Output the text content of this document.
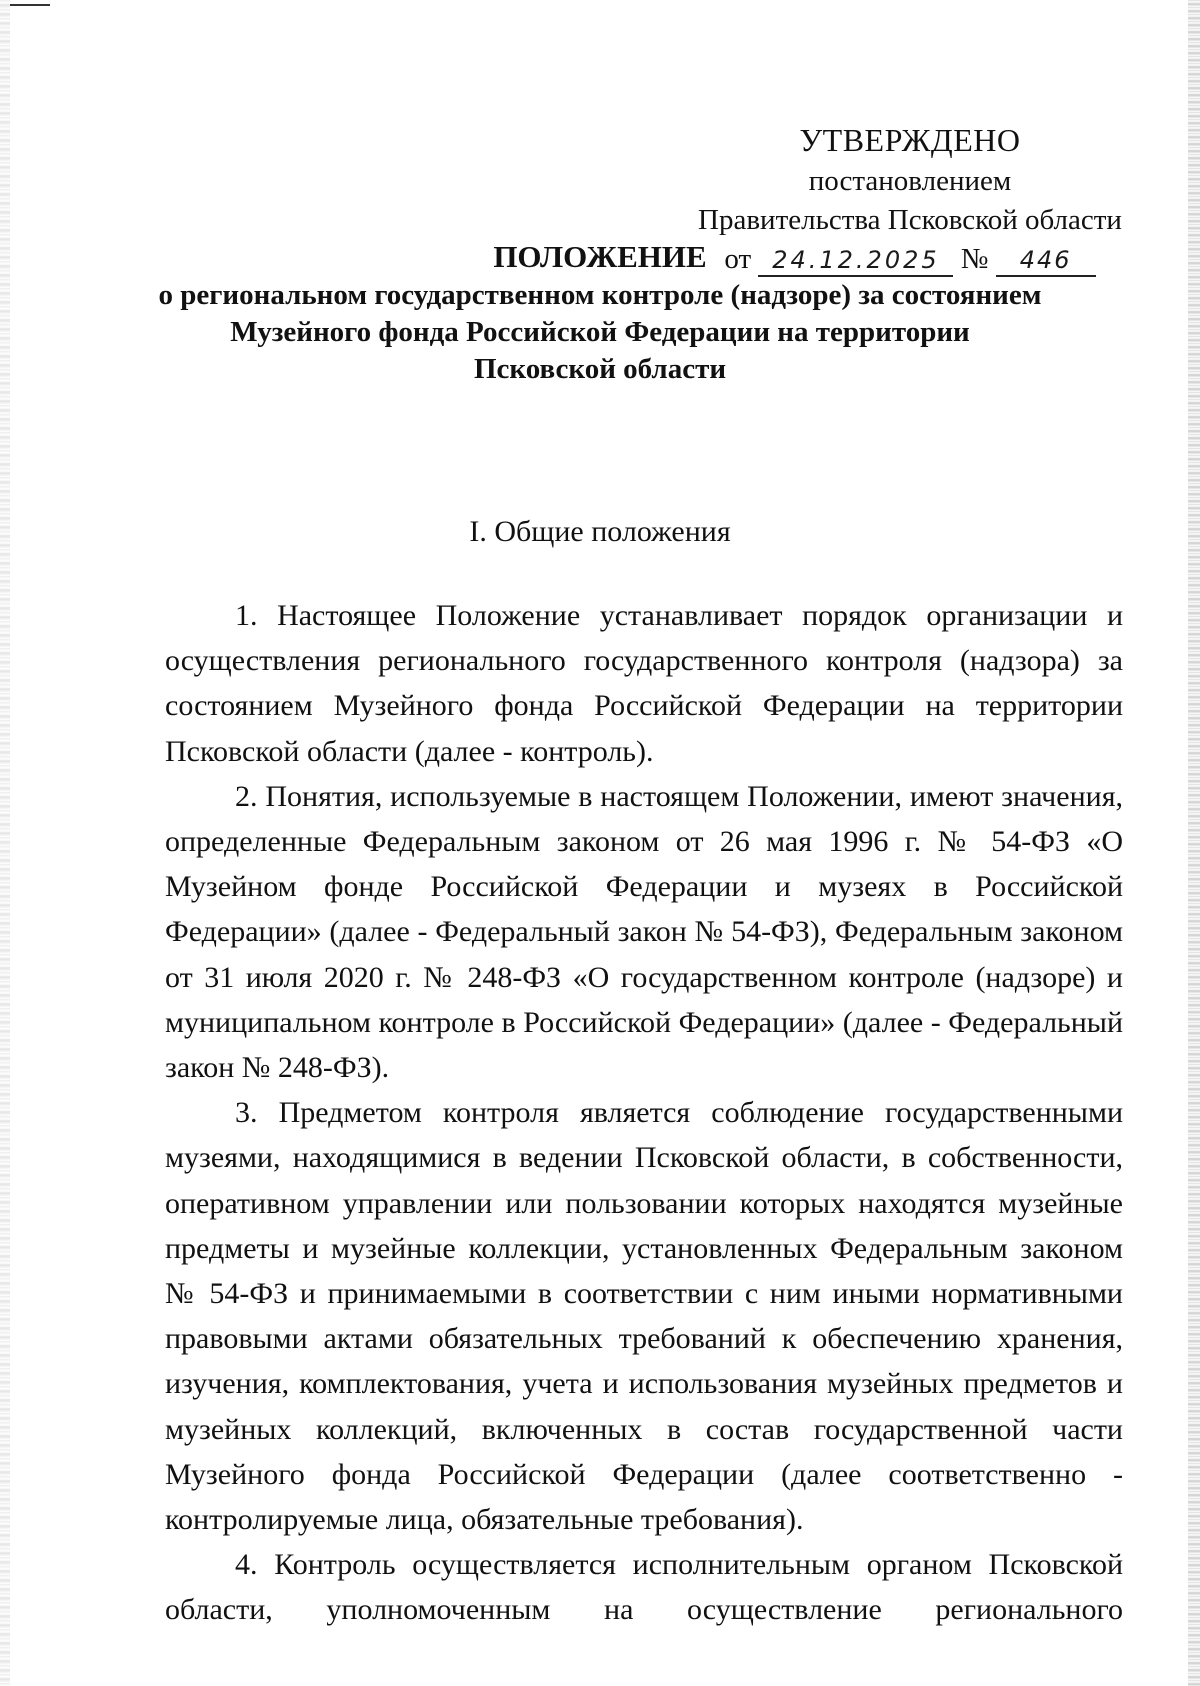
УТВЕРЖДЕНО
постановлением
Правительства Псковской области
от 24.12.2025 № 446
ПОЛОЖЕНИЕ
о региональном государственном контроле (надзоре) за состоянием
Музейного фонда Российской Федерации на территории
Псковской области
I. Общие положения

1. Настоящее Положение устанавливает порядок организации и осуществления регионального государственного контроля (надзора) за состоянием Музейного фонда Российской Федерации на территории Псковской области (далее - контроль).

2. Понятия, используемые в настоящем Положении, имеют значения, определенные Федеральным законом от 26 мая 1996 г. № 54-ФЗ «О Музейном фонде Российской Федерации и музеях в Российской Федерации» (далее - Федеральный закон № 54-ФЗ), Федеральным законом от 31 июля 2020 г. № 248-ФЗ «О государственном контроле (надзоре) и муниципальном контроле в Российской Федерации» (далее - Федеральный закон № 248-ФЗ).

3. Предметом контроля является соблюдение государственными музеями, находящимися в ведении Псковской области, в собственности, оперативном управлении или пользовании которых находятся музейные предметы и музейные коллекции, установленных Федеральным законом № 54-ФЗ и принимаемыми в соответствии с ним иными нормативными правовыми актами обязательных требований к обеспечению хранения, изучения, комплектования, учета и использования музейных предметов и музейных коллекций, включенных в состав государственной части Музейного фонда Российской Федерации (далее соответственно - контролируемые лица, обязательные требования).

4. Контроль осуществляется исполнительным органом Псковской области, уполномоченным на осуществление регионального
